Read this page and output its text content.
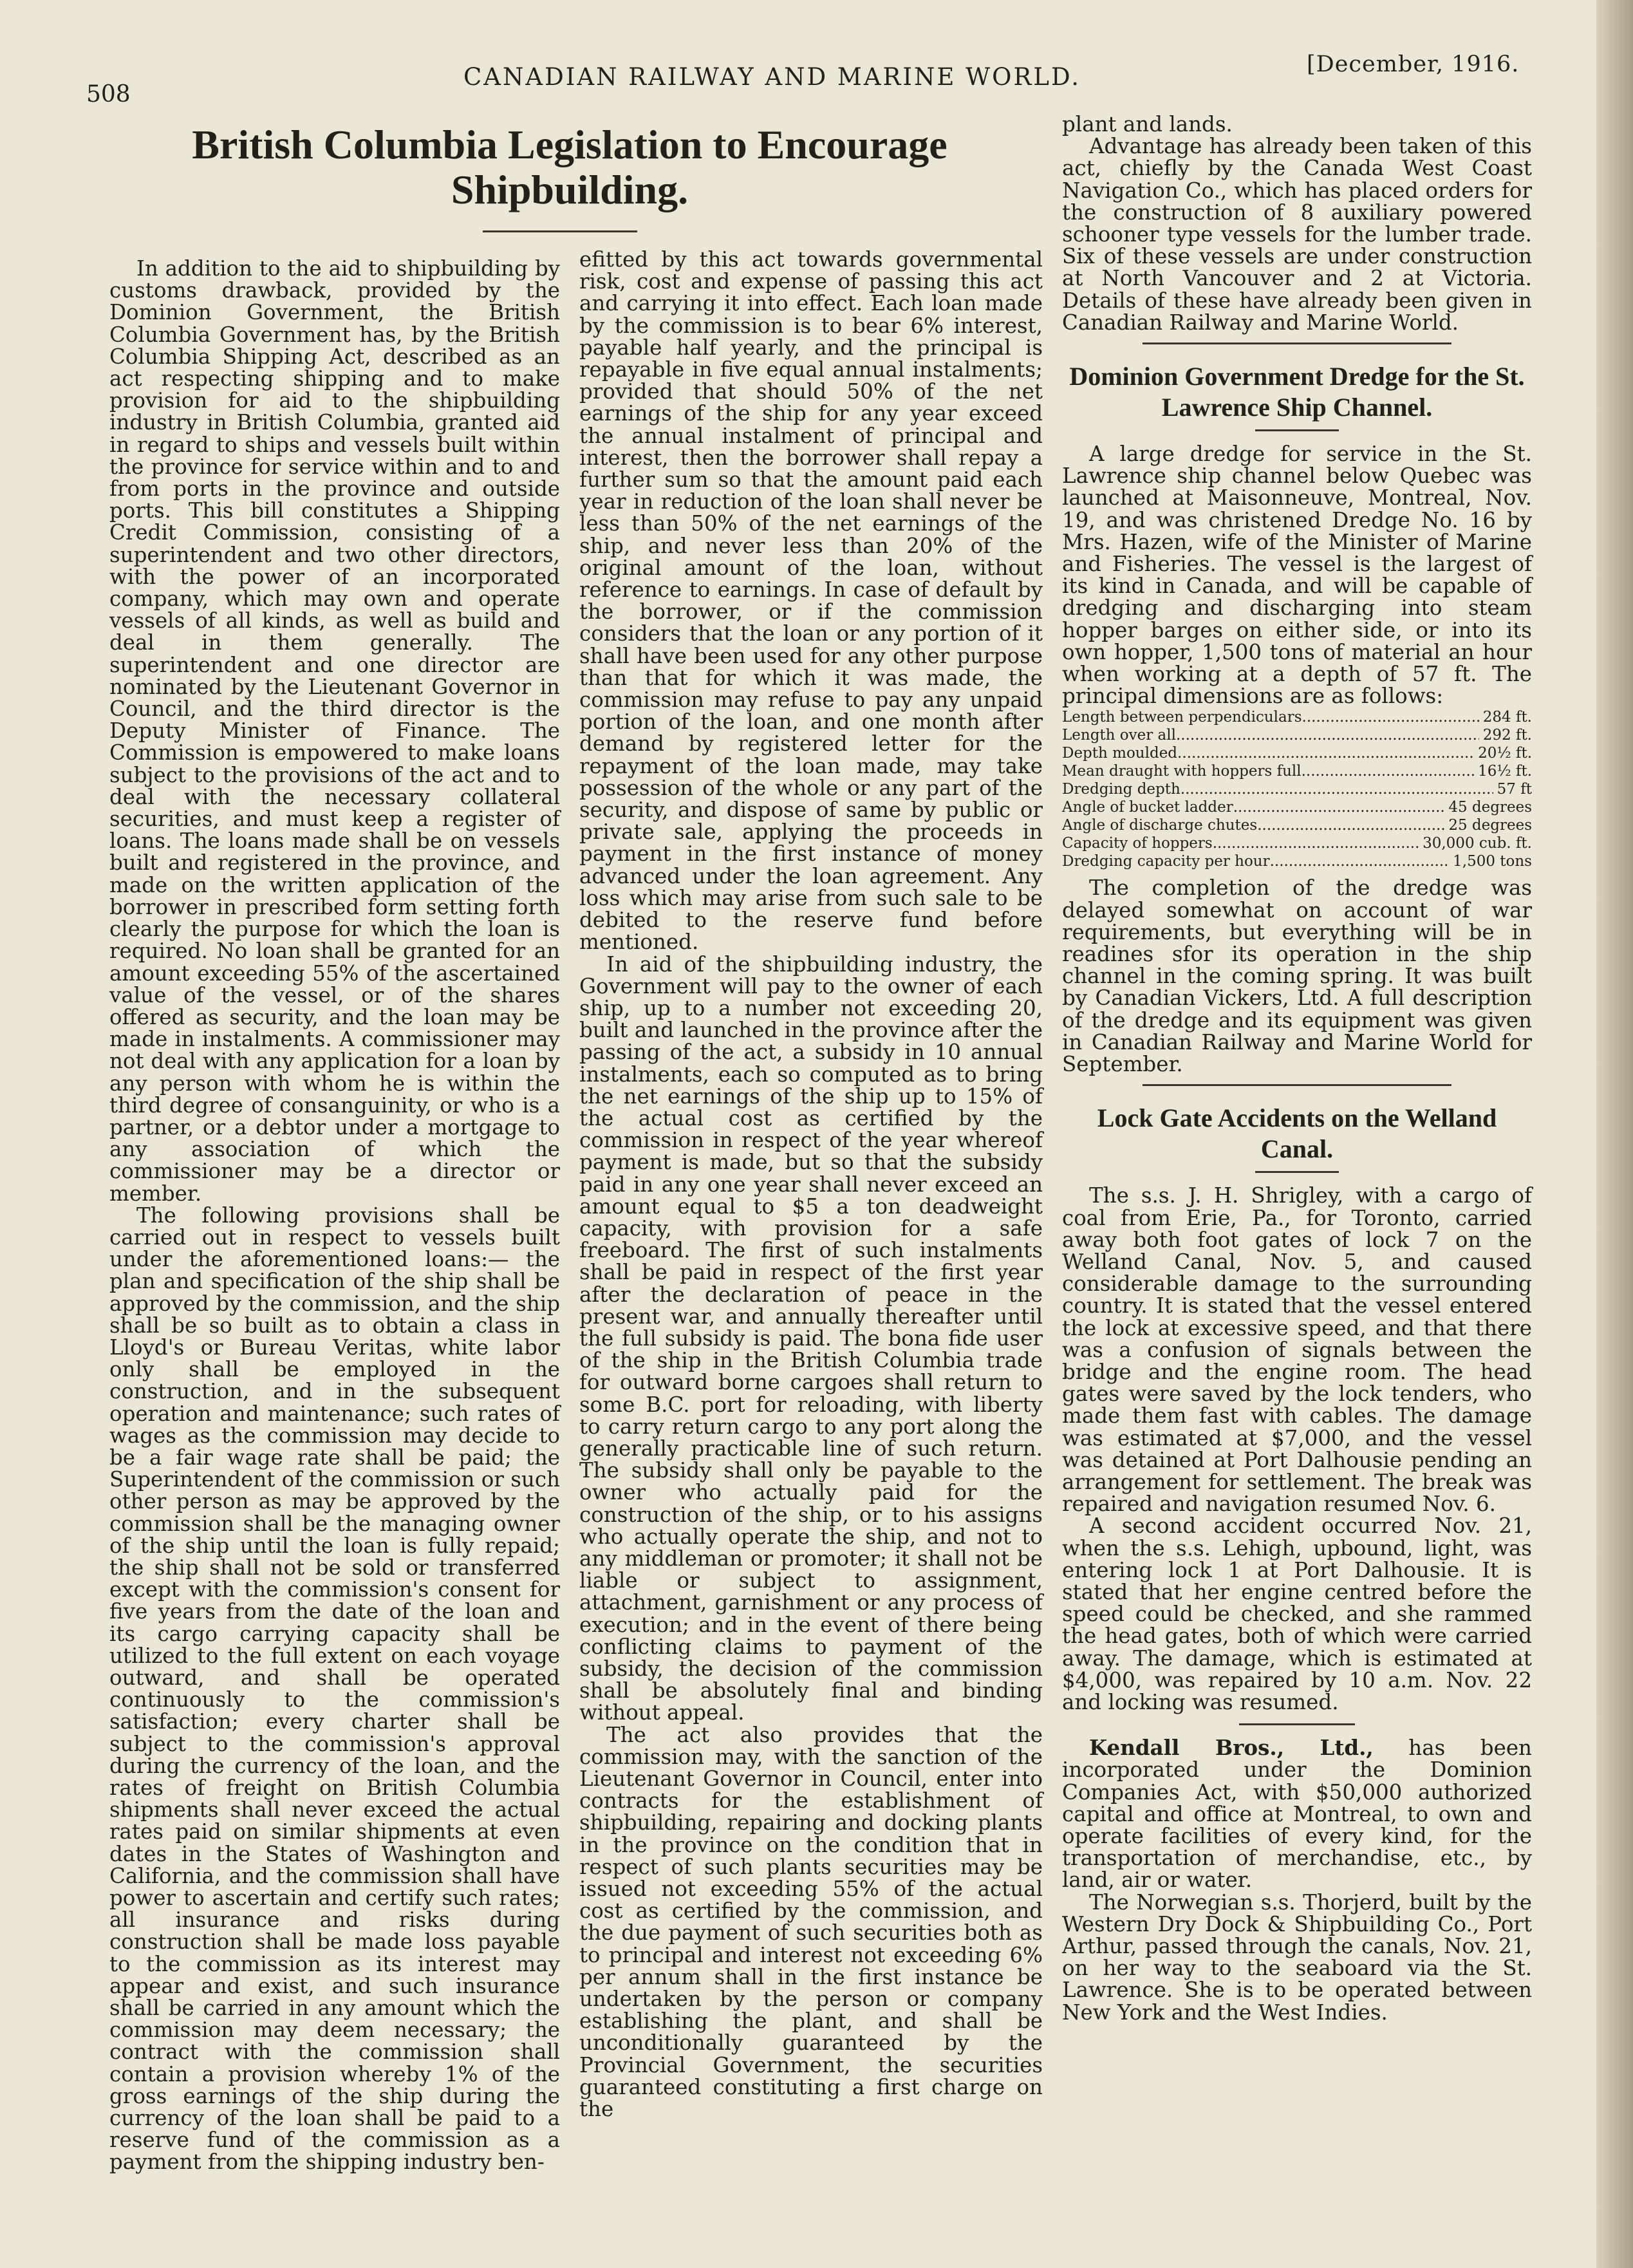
508
CANADIAN RAILWAY AND MARINE WORLD.	[December, 1916.
British Columbia Legislation to Encourage Shipbuilding.

In addition to the aid to shipbuilding by customs drawback, provided by the Dominion Government, the British Columbia Government has, by the British Columbia Shipping Act, described as an act respecting shipping and to make provision for aid to the shipbuilding industry in British Columbia, granted aid in regard to ships and vessels built within the province for service within and to and from ports in the province and outside ports. This bill constitutes a Shipping Credit Commission, consisting of a superintendent and two other directors, with the power of an incorporated company, which may own and operate vessels of all kinds, as well as build and deal in them generally. The superintendent and one director are nominated by the Lieutenant Governor in Council, and the third director is the Deputy Minister of Finance. The Commission is empowered to make loans subject to the provisions of the act and to deal with the necessary collateral securities, and must keep a register of loans. The loans made shall be on vessels built and registered in the province, and made on the written application of the borrower in prescribed form setting forth clearly the purpose for which the loan is required. No loan shall be granted for an amount exceeding 55% of the ascertained value of the vessel, or of the shares offered as security, and the loan may be made in instalments. A commissioner may not deal with any application for a loan by any person with whom he is within the third degree of consanguinity, or who is a partner, or a debtor under a mortgage to any association of which the commissioner may be a director or member.

The following provisions shall be carried out in respect to vessels built under the aforementioned loans:— the plan and specification of the ship shall be approved by the commission, and the ship shall be so built as to obtain a class in Lloyd's or Bureau Veritas, white labor only shall be employed in the construction, and in the subsequent operation and maintenance; such rates of wages as the commission may decide to be a fair wage rate shall be paid; the Superintendent of the commission or such other person as may be approved by the commission shall be the managing owner of the ship until the loan is fully repaid; the ship shall not be sold or transferred except with the commission's consent for five years from the date of the loan and its cargo carrying capacity shall be utilized to the full extent on each voyage outward, and shall be operated continuously to the commission's satisfaction; every charter shall be subject to the commission's approval during the currency of the loan, and the rates of freight on British Columbia shipments shall never exceed the actual rates paid on similar shipments at even dates in the States of Washington and California, and the commission shall have power to ascertain and certify such rates; all insurance and risks during construction shall be made loss payable to the commission as its interest may appear and exist, and such insurance shall be carried in any amount which the commission may deem necessary; the contract with the commission shall contain a provision whereby 1% of the gross earnings of the ship during the currency of the loan shall be paid to a reserve fund of the commission as a payment from the shipping industry ben-

efitted by this act towards governmental risk, cost and expense of passing this act and carrying it into effect. Each loan made by the commission is to bear 6% interest, payable half yearly, and the principal is repayable in five equal annual instalments; provided that should 50% of the net earnings of the ship for any year exceed the annual instalment of principal and interest, then the borrower shall repay a further sum so that the amount paid each year in reduction of the loan shall never be less than 50% of the net earnings of the ship, and never less than 20% of the original amount of the loan, without reference to earnings. In case of default by the borrower, or if the commission considers that the loan or any portion of it shall have been used for any other purpose than that for which it was made, the commission may refuse to pay any unpaid portion of the loan, and one month after demand by registered letter for the repayment of the loan made, may take possession of the whole or any part of the security, and dispose of same by public or private sale, applying the proceeds in payment in the first instance of money advanced under the loan agreement. Any loss which may arise from such sale to be debited to the reserve fund before mentioned.

In aid of the shipbuilding industry, the Government will pay to the owner of each ship, up to a number not exceeding 20, built and launched in the province after the passing of the act, a subsidy in 10 annual instalments, each so computed as to bring the net earnings of the ship up to 15% of the actual cost as certified by the commission in respect of the year whereof payment is made, but so that the subsidy paid in any one year shall never exceed an amount equal to $5 a ton deadweight capacity, with provision for a safe freeboard. The first of such instalments shall be paid in respect of the first year after the declaration of peace in the present war, and annually thereafter until the full subsidy is paid. The bona fide user of the ship in the British Columbia trade for outward borne cargoes shall return to some B.C. port for reloading, with liberty to carry return cargo to any port along the generally practicable line of such return. The subsidy shall only be payable to the owner who actually paid for the construction of the ship, or to his assigns who actually operate the ship, and not to any middleman or promoter; it shall not be liable or subject to assignment, attachment, garnishment or any process of execution; and in the event of there being conflicting claims to payment of the subsidy, the decision of the commission shall be absolutely final and binding without appeal.

The act also provides that the commission may, with the sanction of the Lieutenant Governor in Council, enter into contracts for the establishment of shipbuilding, repairing and docking plants in the province on the condition that in respect of such plants securities may be issued not exceeding 55% of the actual cost as certified by the commission, and the due payment of such securities both as to principal and interest not exceeding 6% per annum shall in the first instance be undertaken by the person or company establishing the plant, and shall be unconditionally guaranteed by the Provincial Government, the securities guaranteed constituting a first charge on the

plant and lands.

Advantage has already been taken of this act, chiefly by the Canada West Coast Navigation Co., which has placed orders for the construction of 8 auxiliary powered schooner type vessels for the lumber trade. Six of these vessels are under construction at North Vancouver and 2 at Victoria. Details of these have already been given in Canadian Railway and Marine World.

Dominion Government Dredge for the St. Lawrence Ship Channel.

A large dredge for service in the St. Lawrence ship channel below Quebec was launched at Maisonneuve, Montreal, Nov. 19, and was christened Dredge No. 16 by Mrs. Hazen, wife of the Minister of Marine and Fisheries. The vessel is the largest of its kind in Canada, and will be capable of dredging and discharging into steam hopper barges on either side, or into its own hopper, 1,500 tons of material an hour when working at a depth of 57 ft. The principal dimensions are as follows:

Length between perpendiculars .....	284 ft.
Length over all .....	292 ft.
Depth moulded .....	20½ ft.
Mean draught with hoppers full .....	16½ ft.
Dredging depth .....	57 ft
Angle of bucket ladder .....	45 degrees
Angle of discharge chutes .....	25 degrees
Capacity of hoppers .....	30,000 cub. ft.
Dredging capacity per hour .....	1,500 tons

The completion of the dredge was delayed somewhat on account of war requirements, but everything will be in readines sfor its operation in the ship channel in the coming spring. It was built by Canadian Vickers, Ltd. A full description of the dredge and its equipment was given in Canadian Railway and Marine World for September.

Lock Gate Accidents on the Welland Canal.

The s.s. J. H. Shrigley, with a cargo of coal from Erie, Pa., for Toronto, carried away both foot gates of lock 7 on the Welland Canal, Nov. 5, and caused considerable damage to the surrounding country. It is stated that the vessel entered the lock at excessive speed, and that there was a confusion of signals between the bridge and the engine room. The head gates were saved by the lock tenders, who made them fast with cables. The damage was estimated at $7,000, and the vessel was detained at Port Dalhousie pending an arrangement for settlement. The break was repaired and navigation resumed Nov. 6.

A second accident occurred Nov. 21, when the s.s. Lehigh, upbound, light, was entering lock 1 at Port Dalhousie. It is stated that her engine centred before the speed could be checked, and she rammed the head gates, both of which were carried away. The damage, which is estimated at $4,000, was repaired by 10 a.m. Nov. 22 and locking was resumed.

Kendall Bros., Ltd., has been incorporated under the Dominion Companies Act, with $50,000 authorized capital and office at Montreal, to own and operate facilities of every kind, for the transportation of merchandise, etc., by land, air or water.

The Norwegian s.s. Thorjerd, built by the Western Dry Dock & Shipbuilding Co., Port Arthur, passed through the canals, Nov. 21, on her way to the seaboard via the St. Lawrence. She is to be operated between New York and the West Indies.
